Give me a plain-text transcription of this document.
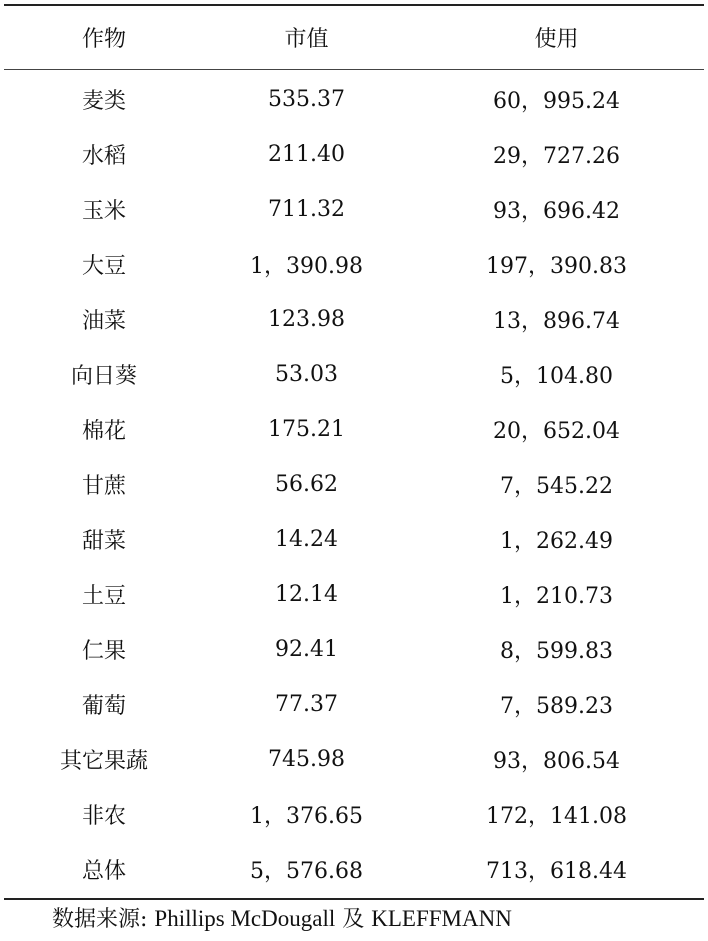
作物	市值	使用
麦类	535.37	60，995.24
水稻	211.40	29，727.26
玉米	711.32	93，696.42
大豆	1，390.98	197，390.83
油菜	123.98	13，896.74
向日葵	53.03	5，104.80
棉花	175.21	20，652.04
甘蔗	56.62	7，545.22
甜菜	14.24	1，262.49
土豆	12.14	1，210.73
仁果	92.41	8，599.83
葡萄	77.37	7，589.23
其它果蔬	745.98	93，806.54
非农	1，376.65	172，141.08
总体	5，576.68	713，618.44
数据来源: Phillips McDougall 及 KLEFFMANN
